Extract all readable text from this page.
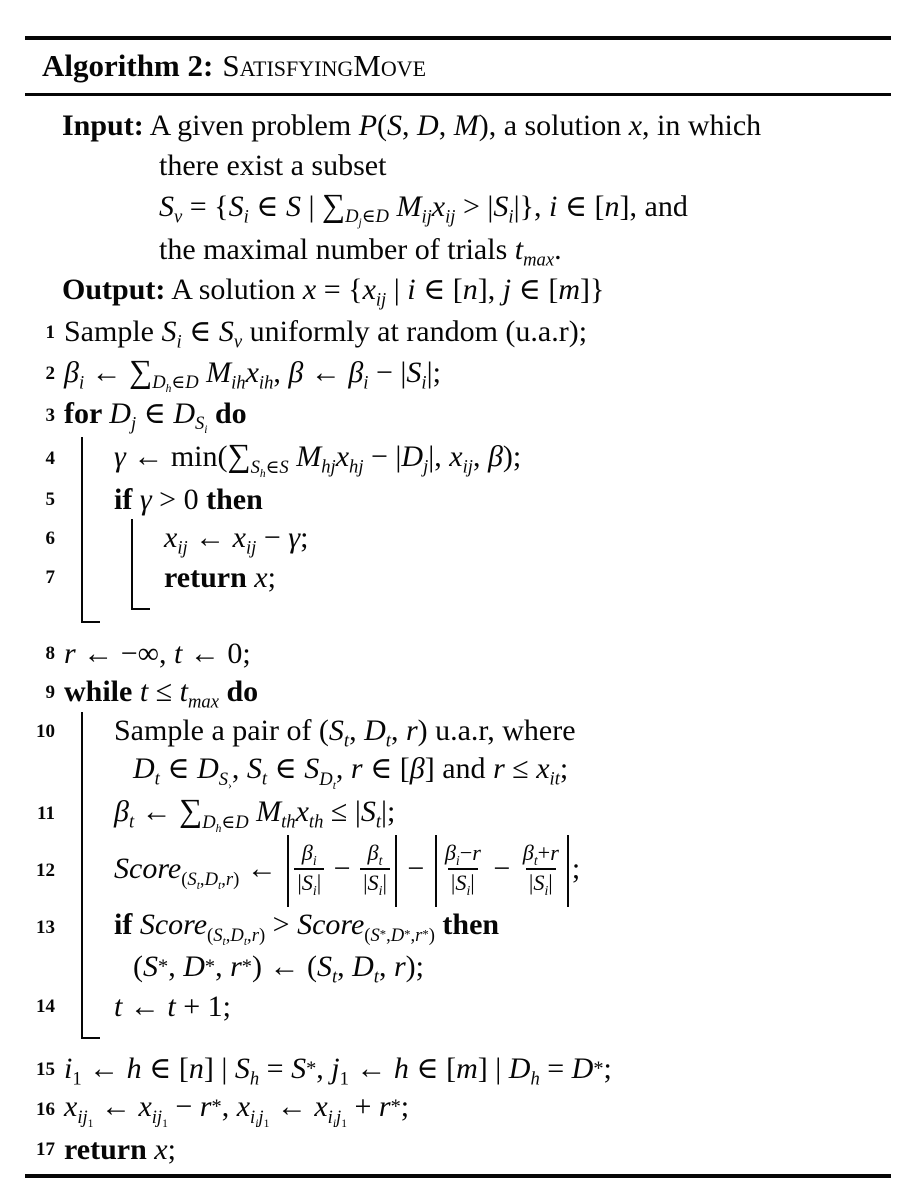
Algorithm 2: SatisfyingMove
Input: A given problem P(S, D, M), a solution x, in which
there exist a subset
$S_v = \{S_i$ ∈ S | $\sum_{D_j\in D}$ $M_{ij}x_{ij} > |S_i|$}, i ∈ [n], and
the maximal number of trials $t_{max}$.
Output: A solution $x = \{x_{ij}$ | i ∈ [n], j ∈ [m]}
1 Sample $S_i$ ∈ $S_v$ uniformly at random (u.a.r);
2 $\beta_i$ ← $\sum_{D_h\in D}$ $M_{ih}x_{ih}$, β ← $\beta_i - |S_i|$;
3 for $D_j$ ∈ $D_{S_i}$ do
4	γ ← $\min(\sum_{S_h\in S}$ $M_{hj}x_{hj} - |D_j|$, $x_{ij}$, β);
5	if γ > 0 then
6	$x_{ij}$ ← $x_{ij} - \gamma$;
7	return x;
8 r ← −∞, t ← 0;
9 while $t \le t_{max}$ do
10	Sample a pair of ($S_t$, $D_t$, r) u.a.r, where
$D_t$ ∈ $D_{S_›}$, $S_t$ ∈ $S_{D_t}$, r ∈ [β] and $r \le x_{it}$;
11	$\beta_t$ ← $\sum_{D_h\in D}$ $M_{th}x_{th} \le |S_t|$;
12	Score$_{(S_t,D_t,r)}$ ← $\frac{\beta_i}{|S_i|} - \frac{\beta_t}{|S_i|} - \frac{\beta_i-r}{|S_i|} - \frac{\beta_t+r}{|S_i|}$ ;
13	if Score$_{(S_t,D_t,r)}$ > Score$_{(S*,D*,r*)}$ then
(S*, D*, r*) ← ($S_t$, $D_t$, r);
14	t ← t + 1;
15 $i_1$ ← h ∈ [n] | $S_h = S*$, $j_1$ ← h ∈ [m] | $D_h = D*$;
16 $x_{ij_1}$ ← $x_{ij_1} - r*$, $x_{i_ij_1}$ ← $x_{i_ij_1} + r*$;
17 return x;
